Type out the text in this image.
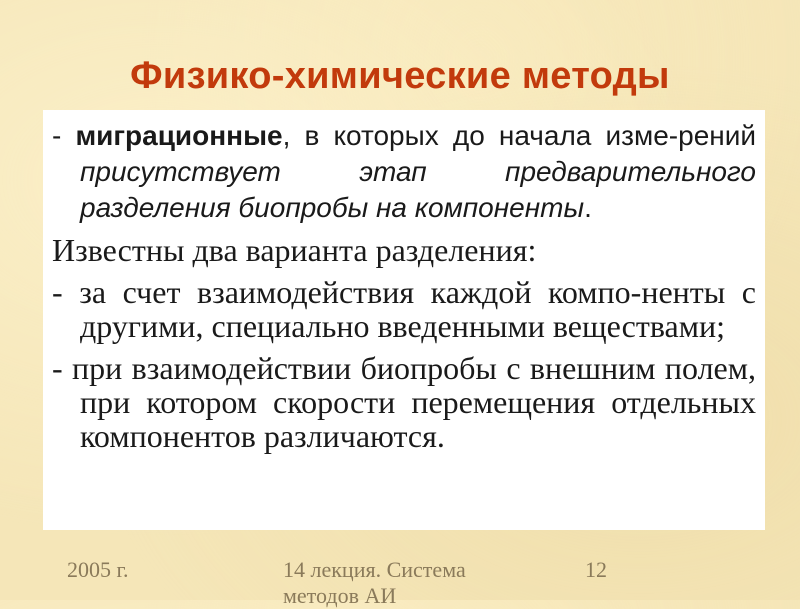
Физико-химические методы

- миграционные, в которых до начала изме-рений присутствует этап предварительного разделения биопробы на компоненты.

Известны два варианта разделения:

- за счет взаимодействия каждой компо-ненты с другими, специально введенными веществами;

- при взаимодействии биопробы с внешним полем, при котором скорости перемещения отдельных компонентов различаются.

2005 г.	14 лекция. Система методов АИ
12
